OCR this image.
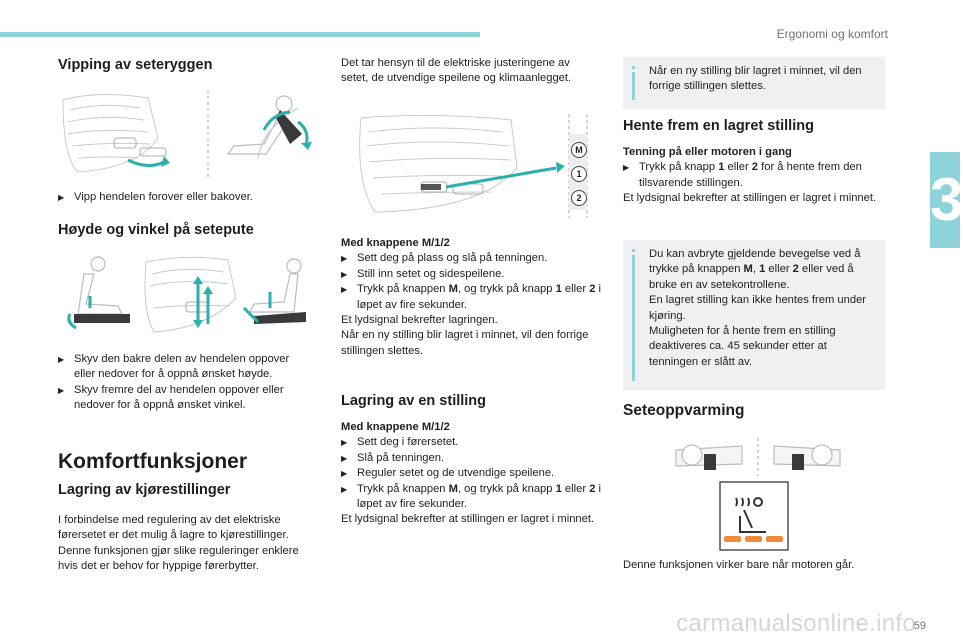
Ergonomi og komfort
3
carmanualsonline.info
59
Vipping av seteryggen

▶ Vipp hendelen forover eller bakover.

Høyde og vinkel på setepute

▶ Skyv den bakre delen av hendelen oppover eller nedover for å oppnå ønsket høyde.

▶ Skyv fremre del av hendelen oppover eller nedover for å oppnå ønsket vinkel.

Komfortfunksjoner
Lagring av kjørestillinger

I forbindelse med regulering av det elektriske førersetet er det mulig å lagre to kjørestillinger. Denne funksjonen gjør slike reguleringer enklere hvis det er behov for hyppige førerbytter.

Det tar hensyn til de elektriske justeringene av setet, de utvendige speilene og klimaanlegget.

M
1
2

Med knappene M/1/2

▶ Sett deg på plass og slå på tenningen.

▶ Still inn setet og sidespeilene.

▶ Trykk på knappen M, og trykk på knapp 1 eller 2 i løpet av fire sekunder.

Et lydsignal bekrefter lagringen.

Når en ny stilling blir lagret i minnet, vil den forrige stillingen slettes.

Lagring av en stilling

Med knappene M/1/2

▶ Sett deg i førersetet.

▶ Slå på tenningen.

▶ Reguler setet og de utvendige speilene.

▶ Trykk på knappen M, og trykk på knapp 1 eller 2 i løpet av fire sekunder.

Et lydsignal bekrefter at stillingen er lagret i minnet.

Når en ny stilling blir lagret i minnet, vil den forrige stillingen slettes.

Hente frem en lagret stilling

Tenning på eller motoren i gang

▶ Trykk på knapp 1 eller 2 for å hente frem den tilsvarende stillingen.

Et lydsignal bekrefter at stillingen er lagret i minnet.

Du kan avbryte gjeldende bevegelse ved å trykke på knappen M, 1 eller 2 eller ved å bruke en av setekontrollene.

En lagret stilling kan ikke hentes frem under kjøring.

Muligheten for å hente frem en stilling deaktiveres ca. 45 sekunder etter at tenningen er slått av.

Seteoppvarming

Denne funksjonen virker bare når motoren går.
